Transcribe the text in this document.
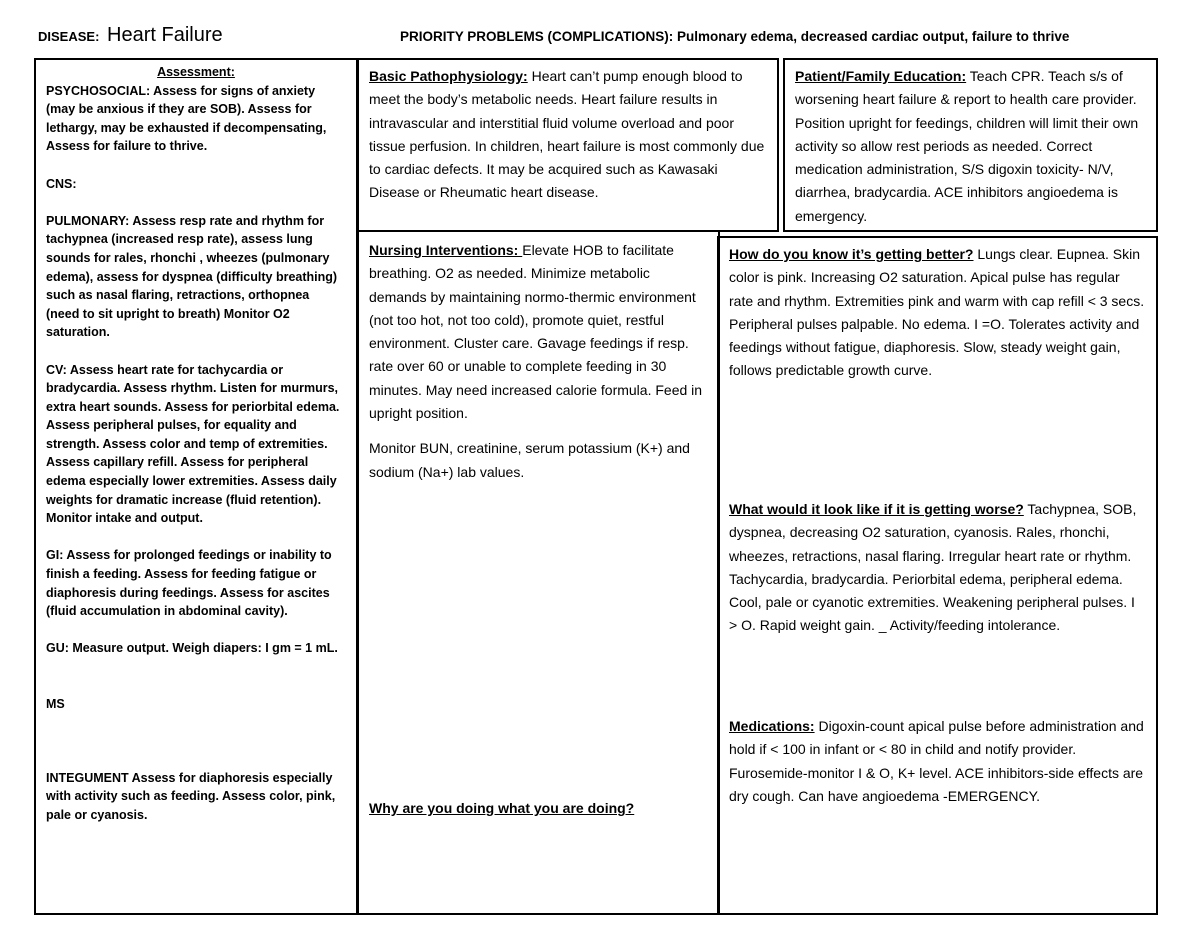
DISEASE: Heart Failure	PRIORITY PROBLEMS (COMPLICATIONS): Pulmonary edema, decreased cardiac output, failure to thrive
Assessment:

PSYCHOSOCIAL: Assess for signs of anxiety (may be anxious if they are SOB). Assess for lethargy, may be exhausted if decompensating, Assess for failure to thrive.

CNS:

PULMONARY: Assess resp rate and rhythm for tachypnea (increased resp rate), assess lung sounds for rales, rhonchi , wheezes (pulmonary edema), assess for dyspnea (difficulty breathing) such as nasal flaring, retractions, orthopnea (need to sit upright to breath) Monitor O2 saturation.

CV: Assess heart rate for tachycardia or bradycardia. Assess rhythm. Listen for murmurs, extra heart sounds. Assess for periorbital edema. Assess peripheral pulses, for equality and strength. Assess color and temp of extremities. Assess capillary refill. Assess for peripheral edema especially lower extremities. Assess daily weights for dramatic increase (fluid retention).

Monitor intake and output.

GI: Assess for prolonged feedings or inability to finish a feeding. Assess for feeding fatigue or diaphoresis during feedings. Assess for ascites (fluid accumulation in abdominal cavity).

GU: Measure output. Weigh diapers: I gm = 1 mL.

MS

INTEGUMENT Assess for diaphoresis especially with activity such as feeding. Assess color, pink, pale or cyanosis.

Basic Pathophysiology: Heart can’t pump enough blood to meet the body’s metabolic needs. Heart failure results in intravascular and interstitial fluid volume overload and poor tissue perfusion. In children, heart failure is most commonly due to cardiac defects. It may be acquired such as Kawasaki Disease or Rheumatic heart disease.
Patient/Family Education: Teach CPR. Teach s/s of worsening heart failure & report to health care provider. Position upright for feedings, children will limit their own activity so allow rest periods as needed. Correct medication administration, S/S digoxin toxicity- N/V, diarrhea, bradycardia. ACE inhibitors angioedema is emergency.

Nursing Interventions: Elevate HOB to facilitate breathing. O2 as needed. Minimize metabolic demands by maintaining normo-thermic environment (not too hot, not too cold), promote quiet, restful environment. Cluster care. Gavage feedings if resp. rate over 60 or unable to complete feeding in 30 minutes. May need increased calorie formula. Feed in upright position.

Monitor BUN, creatinine, serum potassium (K+) and sodium (Na+) lab values.

Why are you doing what you are doing?

How do you know it’s getting better? Lungs clear. Eupnea. Skin color is pink. Increasing O2 saturation. Apical pulse has regular rate and rhythm. Extremities pink and warm with cap refill < 3 secs. Peripheral pulses palpable. No edema. I =O. Tolerates activity and feedings without fatigue, diaphoresis. Slow, steady weight gain, follows predictable growth curve.

What would it look like if it is getting worse? Tachypnea, SOB, dyspnea, decreasing O2 saturation, cyanosis. Rales, rhonchi, wheezes, retractions, nasal flaring. Irregular heart rate or rhythm. Tachycardia, bradycardia. Periorbital edema, peripheral edema. Cool, pale or cyanotic extremities. Weakening peripheral pulses. I > O. Rapid weight gain. _ Activity/feeding intolerance.

Medications: Digoxin-count apical pulse before administration and hold if < 100 in infant or < 80 in child and notify provider. Furosemide-monitor I & O, K+ level. ACE inhibitors-side effects are dry cough. Can have angioedema -EMERGENCY.
